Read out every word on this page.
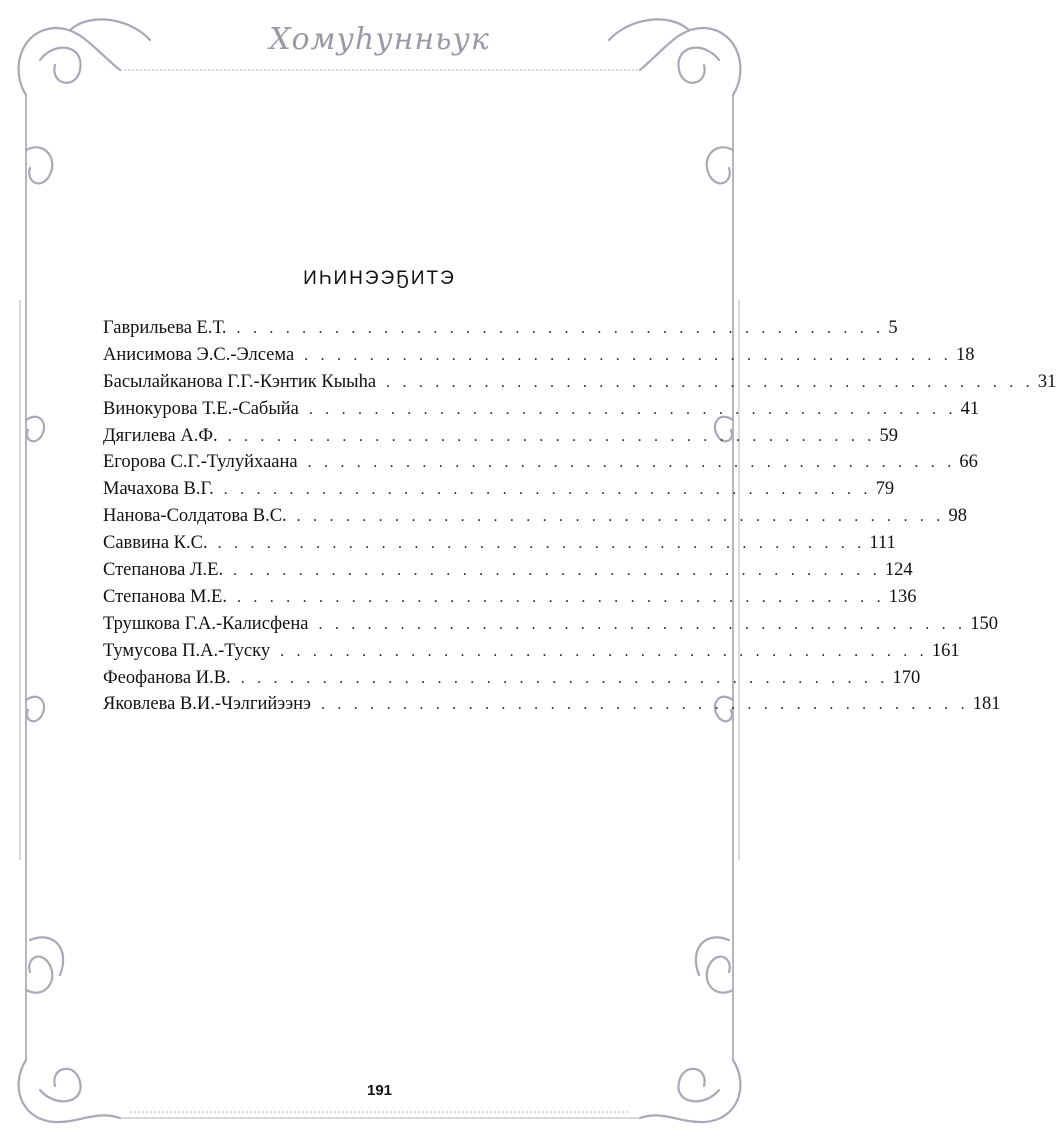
Хомуһунньук
ИҺИНЭЭҔИТЭ
Гаврильева Е.Т. . . . . . . . . . . . . . . . . . . . . . . . . . . . . . . . . . . . . . . . . 5
Анисимова Э.С.-Элсема . . . . . . . . . . . . . . . . . . . . . . . . . . . . . . . . . . . . . . . . 18
Басылайканова Г.Г.-Кэнтик Кыыһа . . . . . . . . . . . . . . . . . . . . . . . . . . . . . . . . . . . . . . . . 31
Винокурова Т.Е.-Сабыйа . . . . . . . . . . . . . . . . . . . . . . . . . . . . . . . . . . . . . . . . 41
Дягилева А.Ф. . . . . . . . . . . . . . . . . . . . . . . . . . . . . . . . . . . . . . . . . 59
Егорова С.Г.-Тулуйхаана . . . . . . . . . . . . . . . . . . . . . . . . . . . . . . . . . . . . . . . . 66
Мачахова В.Г. . . . . . . . . . . . . . . . . . . . . . . . . . . . . . . . . . . . . . . . . 79
Нанова-Солдатова В.С. . . . . . . . . . . . . . . . . . . . . . . . . . . . . . . . . . . . . . . . . 98
Саввина К.С. . . . . . . . . . . . . . . . . . . . . . . . . . . . . . . . . . . . . . . . . 111
Степанова Л.Е. . . . . . . . . . . . . . . . . . . . . . . . . . . . . . . . . . . . . . . . . 124
Степанова М.Е. . . . . . . . . . . . . . . . . . . . . . . . . . . . . . . . . . . . . . . . . 136
Трушкова Г.А.-Калисфена . . . . . . . . . . . . . . . . . . . . . . . . . . . . . . . . . . . . . . . . 150
Тумусова П.А.-Туску . . . . . . . . . . . . . . . . . . . . . . . . . . . . . . . . . . . . . . . . 161
Феофанова И.В. . . . . . . . . . . . . . . . . . . . . . . . . . . . . . . . . . . . . . . . . 170
Яковлева В.И.-Чэлгийээнэ . . . . . . . . . . . . . . . . . . . . . . . . . . . . . . . . . . . . . . . . 181
191
